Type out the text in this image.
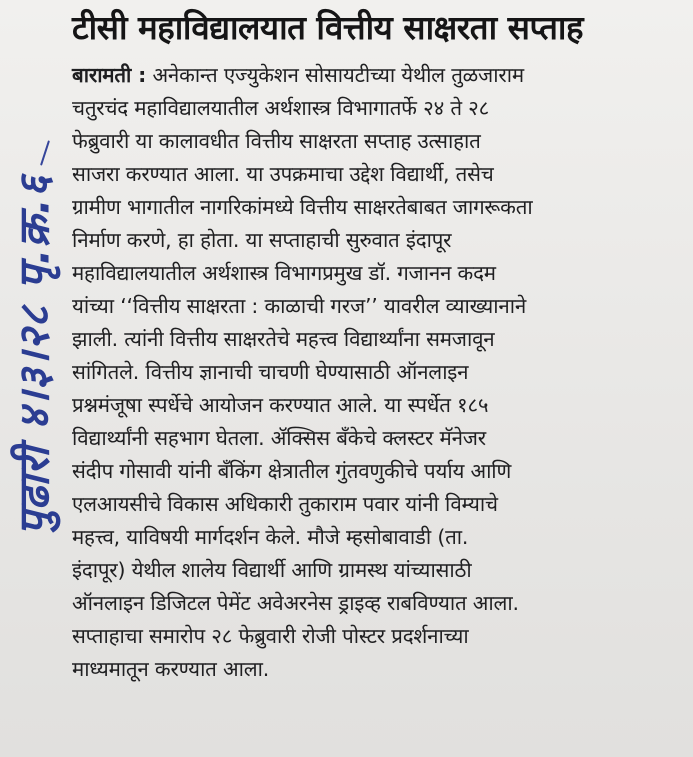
पुढारी ४।३।२८ पृ.क्र.६
टीसी महाविद्यालयात वित्तीय साक्षरता सप्ताह
बारामती : अनेकान्त एज्युकेशन सोसायटीच्या येथील तुळजाराम
चतुरचंद महाविद्यालयातील अर्थशास्त्र विभागातर्फे २४ ते २८
फेब्रुवारी या कालावधीत वित्तीय साक्षरता सप्ताह उत्साहात
साजरा करण्यात आला. या उपक्रमाचा उद्देश विद्यार्थी, तसेच
ग्रामीण भागातील नागरिकांमध्ये वित्तीय साक्षरतेबाबत जागरूकता
निर्माण करणे, हा होता. या सप्ताहाची सुरुवात इंदापूर
महाविद्यालयातील अर्थशास्त्र विभागप्रमुख डॉ. गजानन कदम
यांच्या ‘‘वित्तीय साक्षरता : काळाची गरज’’ यावरील व्याख्यानाने
झाली. त्यांनी वित्तीय साक्षरतेचे महत्त्व विद्यार्थ्यांना समजावून
सांगितले. वित्तीय ज्ञानाची चाचणी घेण्यासाठी ऑनलाइन
प्रश्नमंजूषा स्पर्धेचे आयोजन करण्यात आले. या स्पर्धेत १८५
विद्यार्थ्यांनी सहभाग घेतला. ॲक्सिस बँकेचे क्लस्टर मॅनेजर
संदीप गोसावी यांनी बँकिंग क्षेत्रातील गुंतवणुकीचे पर्याय आणि
एलआयसीचे विकास अधिकारी तुकाराम पवार यांनी विम्याचे
महत्त्व, याविषयी मार्गदर्शन केले. मौजे म्हसोबावाडी (ता.
इंदापूर) येथील शालेय विद्यार्थी आणि ग्रामस्थ यांच्यासाठी
ऑनलाइन डिजिटल पेमेंट अवेअरनेस ड्राइव्ह राबविण्यात आला.
सप्ताहाचा समारोप २८ फेब्रुवारी रोजी पोस्टर प्रदर्शनाच्या
माध्यमातून करण्यात आला.
